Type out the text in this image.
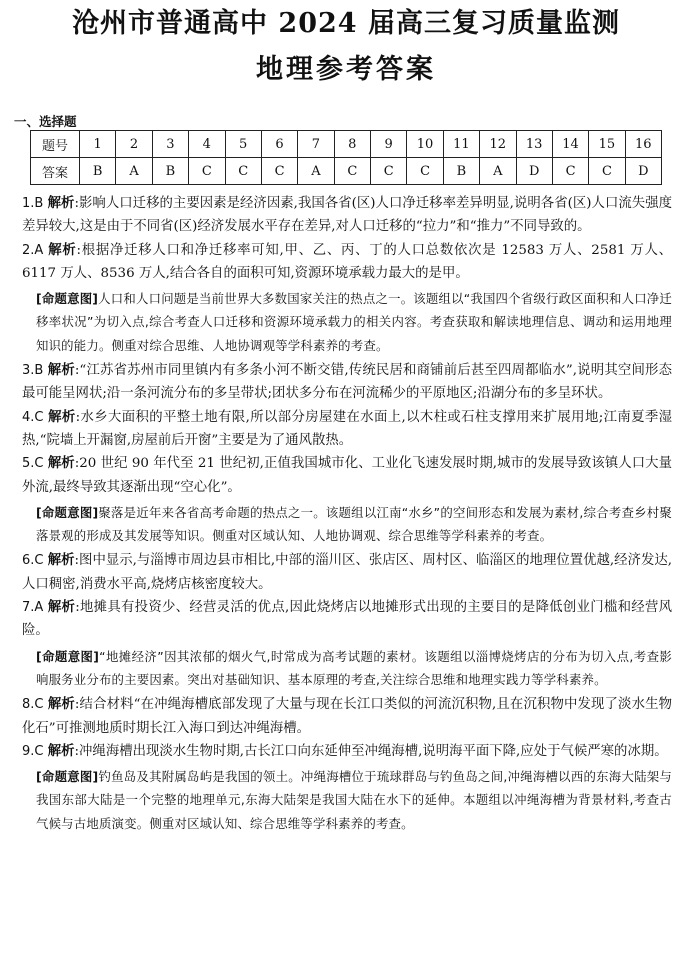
沧州市普通高中 2024 届高三复习质量监测
地理参考答案
一、选择题
题号	1	2	3	4	5	6	7	8	9	10	11	12	13	14	15	16
答案	B	A	B	C	C	C	A	C	C	C	B	A	D	C	C	D

1.B 解析:影响人口迁移的主要因素是经济因素,我国各省(区)人口净迁移率差异明显,说明各省(区)人口流失强度差异较大,这是由于不同省(区)经济发展水平存在差异,对人口迁移的“拉力”和“推力”不同导致的。

2.A 解析:根据净迁移人口和净迁移率可知,甲、乙、丙、丁的人口总数依次是 12583 万人、2581 万人、6117 万人、8536 万人,结合各自的面积可知,资源环境承载力最大的是甲。

[命题意图]人口和人口问题是当前世界大多数国家关注的热点之一。该题组以“我国四个省级行政区面积和人口净迁移率状况”为切入点,综合考查人口迁移和资源环境承载力的相关内容。考查获取和解读地理信息、调动和运用地理知识的能力。侧重对综合思维、人地协调观等学科素养的考查。

3.B 解析:“江苏省苏州市同里镇内有多条小河不断交错,传统民居和商铺前后甚至四周都临水”,说明其空间形态最可能呈网状;沿一条河流分布的多呈带状;团状多分布在河流稀少的平原地区;沿湖分布的多呈环状。

4.C 解析:水乡大面积的平整土地有限,所以部分房屋建在水面上,以木柱或石柱支撑用来扩展用地;江南夏季湿热,“院墙上开漏窗,房屋前后开窗”主要是为了通风散热。

5.C 解析:20 世纪 90 年代至 21 世纪初,正值我国城市化、工业化飞速发展时期,城市的发展导致该镇人口大量外流,最终导致其逐渐出现“空心化”。

[命题意图]聚落是近年来各省高考命题的热点之一。该题组以江南“水乡”的空间形态和发展为素材,综合考查乡村聚落景观的形成及其发展等知识。侧重对区域认知、人地协调观、综合思维等学科素养的考查。

6.C 解析:图中显示,与淄博市周边县市相比,中部的淄川区、张店区、周村区、临淄区的地理位置优越,经济发达,人口稠密,消费水平高,烧烤店核密度较大。

7.A 解析:地摊具有投资少、经营灵活的优点,因此烧烤店以地摊形式出现的主要目的是降低创业门槛和经营风险。

[命题意图]“地摊经济”因其浓郁的烟火气,时常成为高考试题的素材。该题组以淄博烧烤店的分布为切入点,考查影响服务业分布的主要因素。突出对基础知识、基本原理的考查,关注综合思维和地理实践力等学科素养。

8.C 解析:结合材料“在冲绳海槽底部发现了大量与现在长江口类似的河流沉积物,且在沉积物中发现了淡水生物化石”可推测地质时期长江入海口到达冲绳海槽。

9.C 解析:冲绳海槽出现淡水生物时期,古长江口向东延伸至冲绳海槽,说明海平面下降,应处于气候严寒的冰期。

[命题意图]钓鱼岛及其附属岛屿是我国的领土。冲绳海槽位于琉球群岛与钓鱼岛之间,冲绳海槽以西的东海大陆架与我国东部大陆是一个完整的地理单元,东海大陆架是我国大陆在水下的延伸。本题组以冲绳海槽为背景材料,考查古气候与古地质演变。侧重对区域认知、综合思维等学科素养的考查。
